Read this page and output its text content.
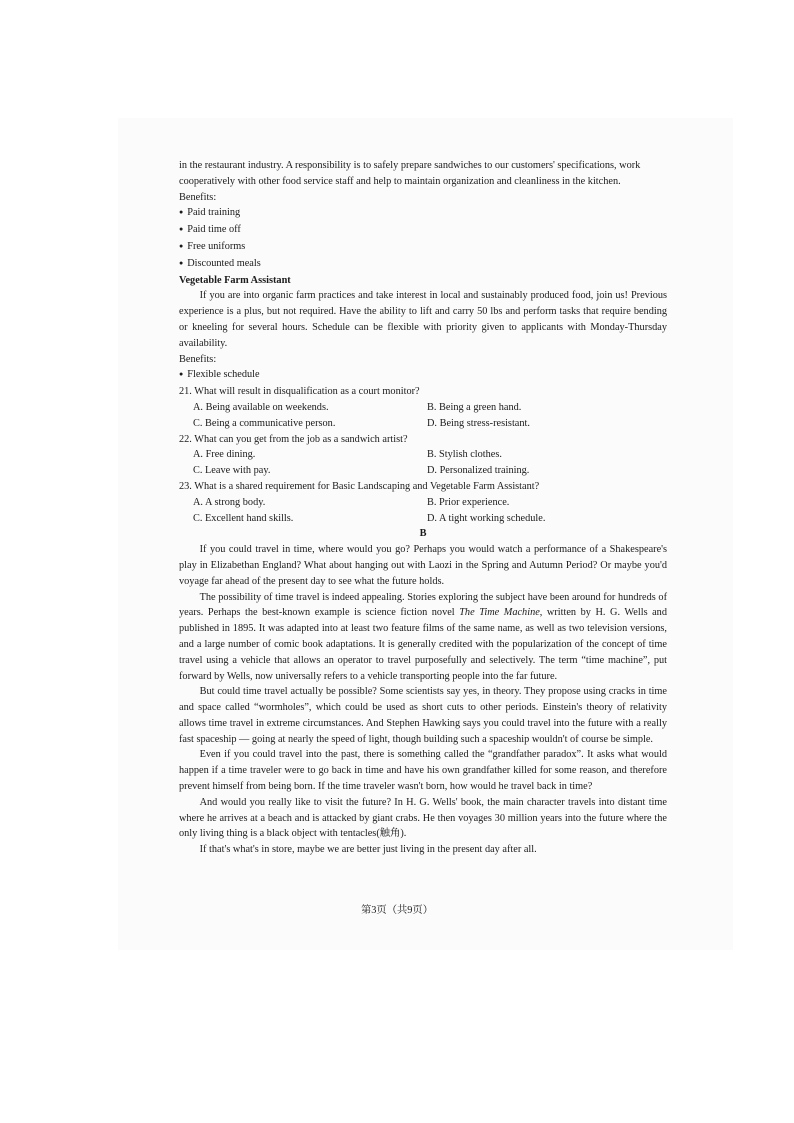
in the restaurant industry. A responsibility is to safely prepare sandwiches to our customers' specifications, work

cooperatively with other food service staff and help to maintain organization and cleanliness in the kitchen.

Benefits:

● Paid training

● Paid time off

● Free uniforms

● Discounted meals

Vegetable Farm Assistant

If you are into organic farm practices and take interest in local and sustainably produced food, join us! Previous experience is a plus, but not required. Have the ability to lift and carry 50 lbs and perform tasks that require bending or kneeling for several hours. Schedule can be flexible with priority given to applicants with Monday-Thursday availability.

Benefits:

● Flexible schedule

21. What will result in disqualification as a court monitor?

A. Being available on weekends.	B. Being a green hand.
C. Being a communicative person.	D. Being stress-resistant.

22. What can you get from the job as a sandwich artist?

A. Free dining.	B. Stylish clothes.
C. Leave with pay.	D. Personalized training.

23. What is a shared requirement for Basic Landscaping and Vegetable Farm Assistant?

A. A strong body.	B. Prior experience.
C. Excellent hand skills.	D. A tight working schedule.

B

If you could travel in time, where would you go? Perhaps you would watch a performance of a Shakespeare's play in Elizabethan England? What about hanging out with Laozi in the Spring and Autumn Period? Or maybe you'd voyage far ahead of the present day to see what the future holds.

The possibility of time travel is indeed appealing. Stories exploring the subject have been around for hundreds of years. Perhaps the best-known example is science fiction novel The Time Machine, written by H. G. Wells and published in 1895. It was adapted into at least two feature films of the same name, as well as two television versions, and a large number of comic book adaptations. It is generally credited with the popularization of the concept of time travel using a vehicle that allows an operator to travel purposefully and selectively. The term “time machine”, put forward by Wells, now universally refers to a vehicle transporting people into the far future.

But could time travel actually be possible? Some scientists say yes, in theory. They propose using cracks in time and space called “wormholes”, which could be used as short cuts to other periods. Einstein's theory of relativity allows time travel in extreme circumstances. And Stephen Hawking says you could travel into the future with a really fast spaceship — going at nearly the speed of light, though building such a spaceship wouldn't of course be simple.

Even if you could travel into the past, there is something called the “grandfather paradox”. It asks what would happen if a time traveler were to go back in time and have his own grandfather killed for some reason, and therefore prevent himself from being born. If the time traveler wasn't born, how would he travel back in time?

And would you really like to visit the future? In H. G. Wells' book, the main character travels into distant time where he arrives at a beach and is attacked by giant crabs. He then voyages 30 million years into the future where the only living thing is a black object with tentacles(触角).

If that's what's in store, maybe we are better just living in the present day after all.

第3页（共9页）
